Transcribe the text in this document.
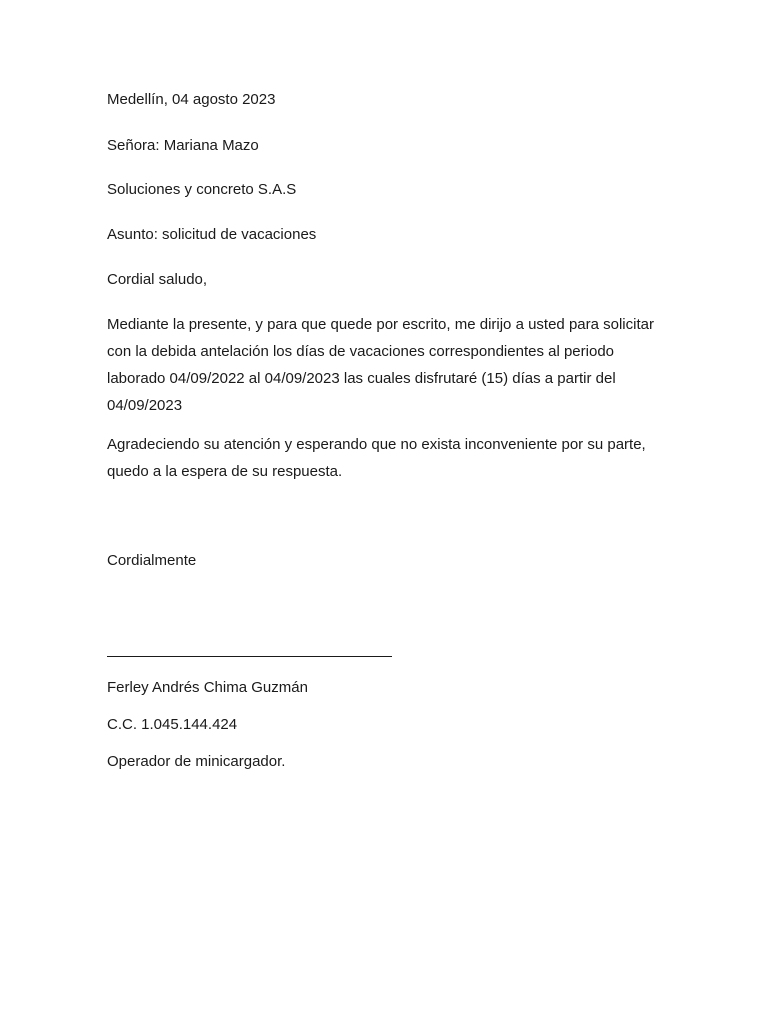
Medellín, 04 agosto 2023
Señora: Mariana Mazo
Soluciones y concreto S.A.S
Asunto: solicitud de vacaciones
Cordial saludo,
Mediante la presente, y para que quede por escrito, me dirijo a usted para solicitar
con la debida antelación los días de vacaciones correspondientes al periodo
laborado 04/09/2022 al 04/09/2023 las cuales disfrutaré (15) días a partir del
04/09/2023
Agradeciendo su atención y esperando que no exista inconveniente por su parte,
quedo a la espera de su respuesta.
Cordialmente
Ferley Andrés Chima Guzmán
C.C. 1.045.144.424
Operador de minicargador.
